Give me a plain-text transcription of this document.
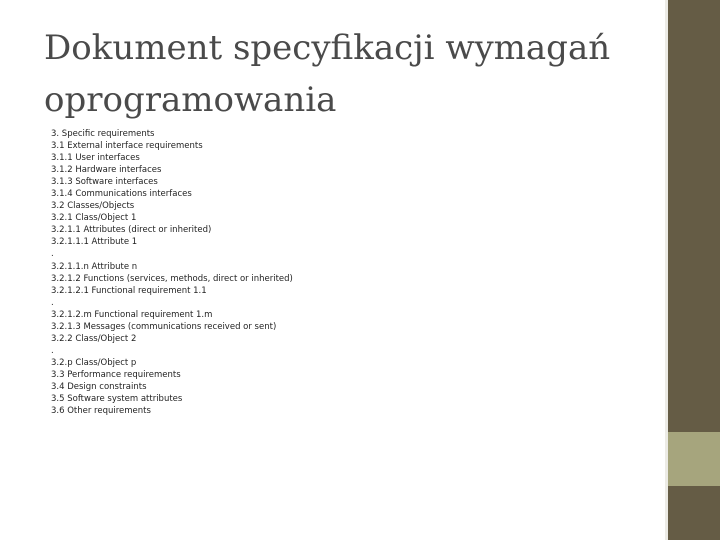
Dokument specyfikacji wymagań oprogramowania
3. Specific requirements
3.1 External interface requirements
3.1.1 User interfaces
3.1.2 Hardware interfaces
3.1.3 Software interfaces
3.1.4 Communications interfaces
3.2 Classes/Objects
3.2.1 Class/Object 1
3.2.1.1 Attributes (direct or inherited)
3.2.1.1.1 Attribute 1
.
3.2.1.1.n Attribute n
3.2.1.2 Functions (services, methods, direct or inherited)
3.2.1.2.1 Functional requirement 1.1
.
3.2.1.2.m Functional requirement 1.m
3.2.1.3 Messages (communications received or sent)
3.2.2 Class/Object 2
.
3.2.p Class/Object p
3.3 Performance requirements
3.4 Design constraints
3.5 Software system attributes
3.6 Other requirements
